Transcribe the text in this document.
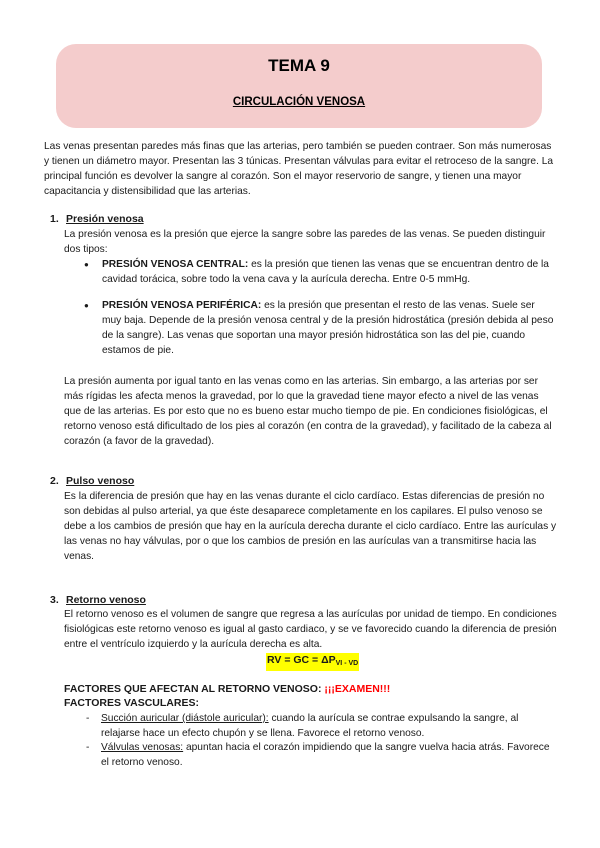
TEMA 9
CIRCULACIÓN VENOSA

Las venas presentan paredes más finas que las arterias, pero también se pueden contraer. Son más numerosas y tienen un diámetro mayor. Presentan las 3 túnicas. Presentan válvulas para evitar el retroceso de la sangre. La principal función es devolver la sangre al corazón. Son el mayor reservorio de sangre, y tienen una mayor capacitancia y distensibilidad que las arterias.

1. Presión venosa

La presión venosa es la presión que ejerce la sangre sobre las paredes de las venas. Se pueden distinguir dos tipos:

● PRESIÓN VENOSA CENTRAL: es la presión que tienen las venas que se encuentran dentro de la cavidad torácica, sobre todo la vena cava y la aurícula derecha. Entre 0-5 mmHg.
● PRESIÓN VENOSA PERIFÉRICA: es la presión que presentan el resto de las venas. Suele ser muy baja. Depende de la presión venosa central y de la presión hidrostática (presión debida al peso de la sangre). Las venas que soportan una mayor presión hidrostática son las del pie, cuando estamos de pie.

La presión aumenta por igual tanto en las venas como en las arterias. Sin embargo, a las arterias por ser más rígidas les afecta menos la gravedad, por lo que la gravedad tiene mayor efecto a nivel de las venas que de las arterias. Es por esto que no es bueno estar mucho tiempo de pie. En condiciones fisiológicas, el retorno venoso está dificultado de los pies al corazón (en contra de la gravedad), y facilitado de la cabeza al corazón (a favor de la gravedad).

2. Pulso venoso

Es la diferencia de presión que hay en las venas durante el ciclo cardíaco. Estas diferencias de presión no son debidas al pulso arterial, ya que éste desaparece completamente en los capilares. El pulso venoso se debe a los cambios de presión que hay en la aurícula derecha durante el ciclo cardíaco. Entre las aurículas y las venas no hay válvulas, por o que los cambios de presión en las aurículas van a transmitirse hacia las venas.

3. Retorno venoso

El retorno venoso es el volumen de sangre que regresa a las aurículas por unidad de tiempo. En condiciones fisiológicas este retorno venoso es igual al gasto cardiaco, y se ve favorecido cuando la diferencia de presión entre el ventrículo izquierdo y la aurícula derecha es alta.

RV = GC = $\Delta P_{VI - VD}$
FACTORES QUE AFECTAN AL RETORNO VENOSO: ¡¡¡EXAMEN!!!
FACTORES VASCULARES:
- Succión auricular (diástole auricular): cuando la aurícula se contrae expulsando la sangre, al relajarse hace un efecto chupón y se llena. Favorece el retorno venoso.
- Válvulas venosas: apuntan hacia el corazón impidiendo que la sangre vuelva hacia atrás. Favorece el retorno venoso.
